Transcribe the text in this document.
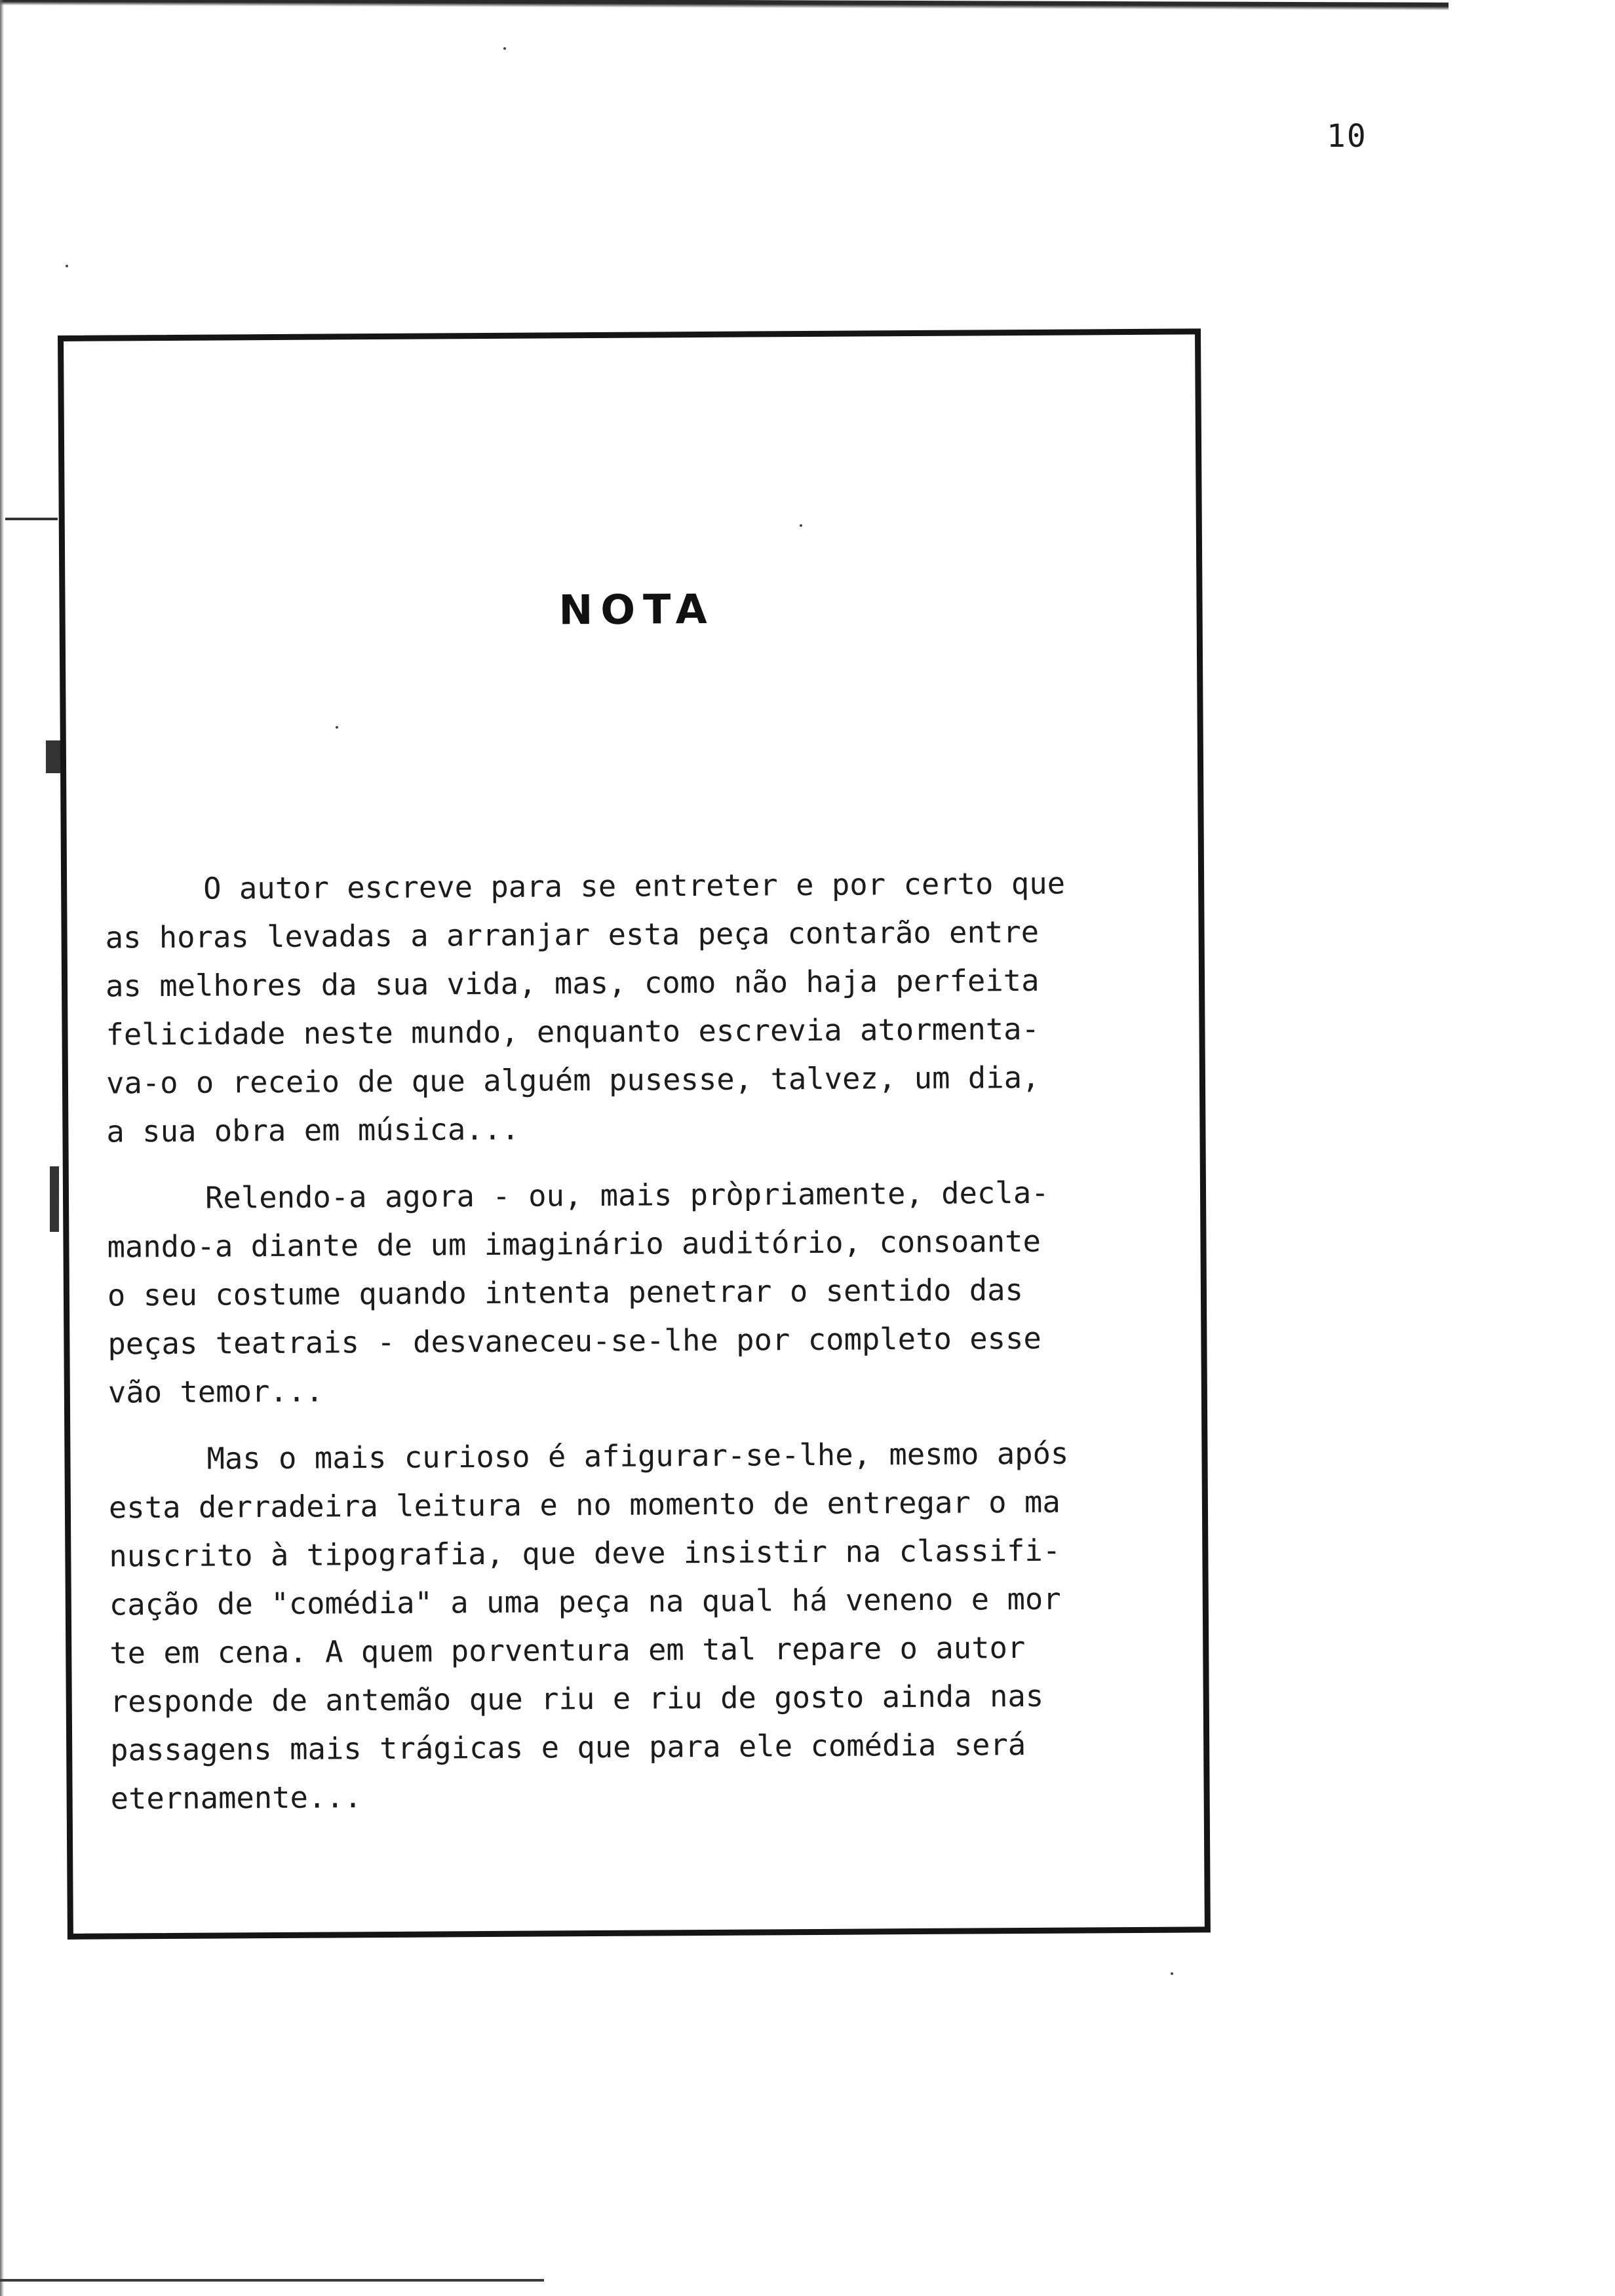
10
NOTA
O autor escreve para se entreter e por certo que
as horas levadas a arranjar esta peça contarão entre
as melhores da sua vida, mas, como não haja perfeita
felicidade neste mundo, enquanto escrevia atormenta-
va-o o receio de que alguém pusesse, talvez, um dia,
a sua obra em música...
Relendo-a agora - ou, mais pròpriamente, decla-
mando-a diante de um imaginário auditório, consoante
o seu costume quando intenta penetrar o sentido das
peças teatrais - desvaneceu-se-lhe por completo esse
vão temor...
Mas o mais curioso é afigurar-se-lhe, mesmo após
esta derradeira leitura e no momento de entregar o ma
nuscrito à tipografia, que deve insistir na classifi-
cação de "comédia" a uma peça na qual há veneno e mor
te em cena. A quem porventura em tal repare o autor
responde de antemão que riu e riu de gosto ainda nas
passagens mais trágicas e que para ele comédia será
eternamente...
